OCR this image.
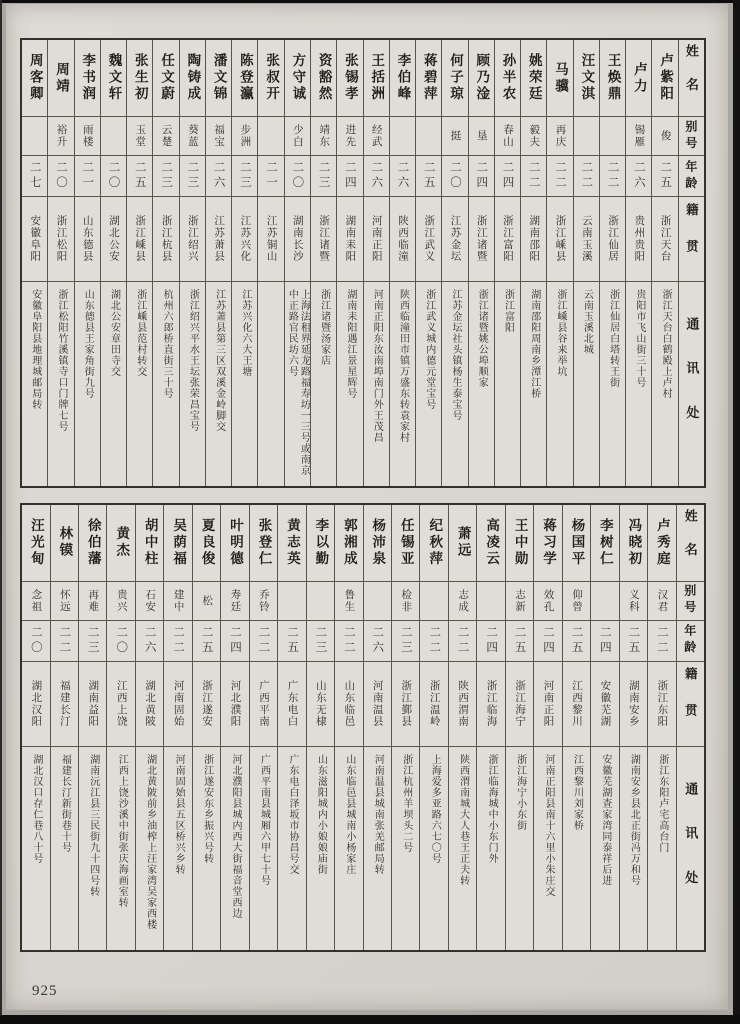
姓名
别号
年龄
籍贯
通讯处
卢紫阳
俊
二五
浙江天台
浙江天台白鹤殿上卢村
卢力
锡雁
二六
贵州贵阳
贵阳市飞山街三十号
王焕鼎
二二
浙江仙居
浙江仙居白塔转王街
汪文淇
二二
云南玉溪
云南玉溪北城
马骥
再庆
二二
浙江嵊县
浙江嵊县谷来举坑
姚荣廷
毅夫
二二
湖南邵阳
湖南邵阳周南乡潭江桥
孙半农
春山
二四
浙江富阳
浙江富阳
顾乃淦
垦
二四
浙江诸暨
浙江诸暨姚公埠顺家
何子琼
挺
二〇
江苏金坛
江苏金坛社头镇杨生泰宝号
蒋碧萍
二五
浙江武义
浙江武义城内德元堂宝号
李伯峰
二六
陕西临潼
陕西临潼田市镇万盛东转袁家村
王括洲
经武
二六
河南正阳
河南正阳东汝南埠南门外王茂昌
张锡孝
进先
二四
湖南耒阳
湖南耒阳遇江景星辉号
资豁然
靖东
二三
浙江诸暨
浙江诸暨汤家店
方守诚
少白
二〇
湖南长沙
上海法租界延龙路福寿坊一三号或南京中正路官民坊六号
张叔开
二一
江苏铜山
陈登瀛
步洲
二三
江苏兴化
江苏兴化六大王塘
潘文锦
福宝
二六
江苏萧县
江苏萧县第三区双溪金岭脚交
陶铸成
葵蓝
二三
浙江绍兴
浙江绍兴平水王坛张荣昌宝号
任文蔚
云楚
二三
浙江杭县
杭州六郎桥直街三十号
张生初
玉堂
二五
浙江嵊县
浙江嵊县范村转交
魏文轩
二〇
湖北公安
湖北公安章田寺交
李书润
雨楼
二一
山东德县
山东德县王家角街九号
周靖
裕升
二〇
浙江松阳
浙江松阳竹溪镇寺口门牌七号
周客卿
二七
安徽阜阳
安徽阜阳县地理城邮局转
姓名
别号
年龄
籍贯
通讯处
卢秀庭
汉君
二二
浙江东阳
浙江东阳卢宅高台门
冯晓初
义科
二五
湖南安乡
湖南安乡县北正街冯万和号
李树仁
二四
安徽芜湖
安徽芜湖查家湾同泰祥后进
杨国平
仰曾
二五
江西黎川
江西黎川刘家桥
蒋习学
效孔
二四
河南正阳
河南正阳县南十六里小朱庄交
王中勋
志新
二五
浙江海宁
浙江海宁小东街
高凌云
二四
浙江临海
浙江临海城中小东门外
萧远
志成
二二
陕西渭南
陕西渭南城大人巷王正夫转
纪秋萍
二二
浙江温岭
上海爱多亚路六七〇号
任锡亚
检非
二三
浙江鄞县
浙江杭州羊坝头二号
杨沛泉
二六
河南温县
河南温县城南张羌邮局转
郭湘成
鲁生
二二
山东临邑
山东临邑县城南小杨家庄
李以勤
二三
山东无棣
山东滋阳城内小娘娘庙街
黄志英
二五
广东电白
广东电白泽坂市协昌号交
张登仁
乔铃
二二
广西平南
广西平南县城厢六甲七十号
叶明德
寿廷
二四
河北濮阳
河北濮阳县城内西大街福音堂西边
夏良俊
松
二五
浙江遂安
浙江遂安东乡振兴号转
吴荫福
建中
二二
河南固始
河南固始县五区桥兴乡转
胡中柱
石安
二六
湖北黄陂
湖北黄陂前乡油榨上汪家湾吴家西楼
黄杰
贵兴
二〇
江西上饶
江西上饶沙溪中街张庆海画室转
徐伯藩
再难
二三
湖南益阳
湖南沅江县三民街九十四号转
林镆
怀远
二二
福建长汀
福建长汀新街巷十号
汪光甸
念祖
二〇
湖北汉阳
湖北汉口存仁巷八十号
925
